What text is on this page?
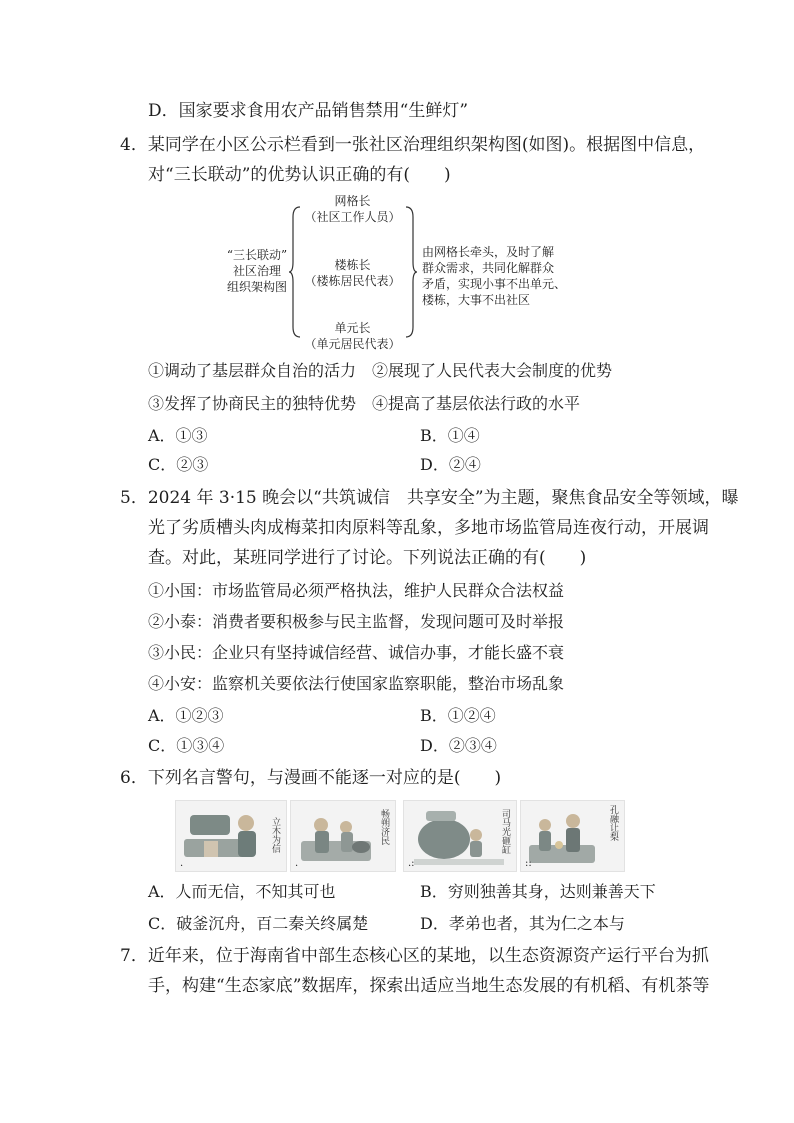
D．国家要求食用农产品销售禁用“生鲜灯”
4．某同学在小区公示栏看到一张社区治理组织架构图(如图)。根据图中信息，
对“三长联动”的优势认识正确的有(　　)
“三长联动”
社区治理
组织架构图
网格长
（社区工作人员）
楼栋长
（楼栋居民代表）
单元长
（单元居民代表）
由网格长牵头，及时了解
群众需求，共同化解群众
矛盾，实现小事不出单元、
楼栋，大事不出社区
①调动了基层群众自治的活力　②展现了人民代表大会制度的优势
③发挥了协商民主的独特优势　④提高了基层依法行政的水平
A．①③	B．①④
C．②③	D．②④
5．2024 年 3·15 晚会以“共筑诚信　共享安全”为主题，聚焦食品安全等领域，曝
光了劣质槽头肉成梅菜扣肉原料等乱象，多地市场监管局连夜行动，开展调
查。对此，某班同学进行了讨论。下列说法正确的有(　　)
①小国：市场监管局必须严格执法，维护人民群众合法权益
②小泰：消费者要积极参与民主监督，发现问题可及时举报
③小民：企业只有坚持诚信经营、诚信办事，才能长盛不衰
④小安：监察机关要依法行使国家监察职能，整治市场乱象
A．①②③	B．①②④
C．①③④	D．②③④
6．下列名言警句，与漫画不能逐一对应的是(　　)
立木为信
.
畅朔济民
.
司马光砸缸
.:
孔融让梨
::
A．人而无信，不知其可也	B．穷则独善其身，达则兼善天下
C．破釜沉舟，百二秦关终属楚	D．孝弟也者，其为仁之本与
7．近年来，位于海南省中部生态核心区的某地，以生态资源资产运行平台为抓
手，构建“生态家底”数据库，探索出适应当地生态发展的有机稻、有机茶等
